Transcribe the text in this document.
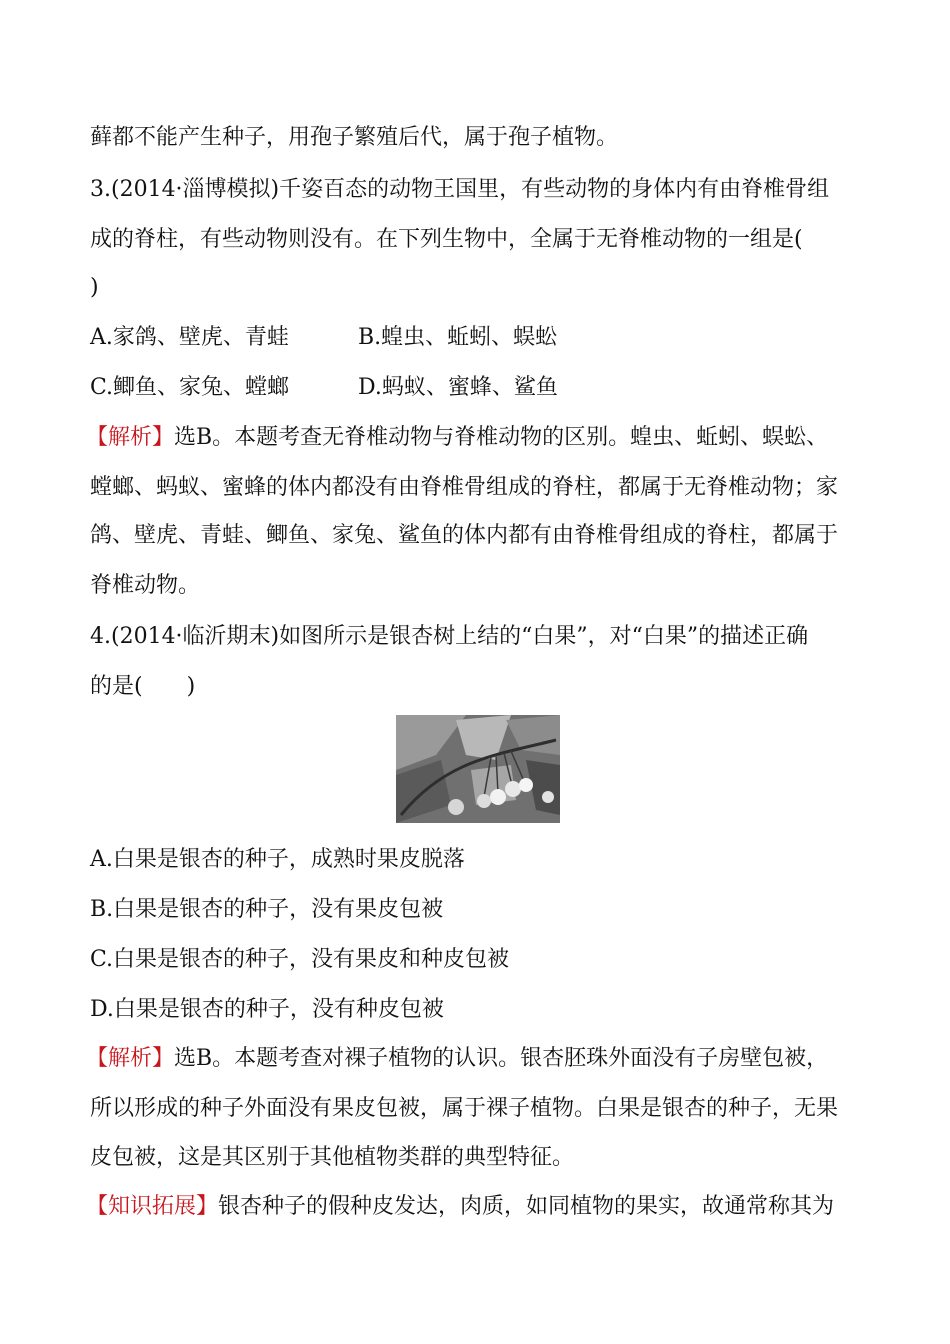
藓都不能产生种子，用孢子繁殖后代，属于孢子植物。
3.(2014·淄博模拟)千姿百态的动物王国里，有些动物的身体内有由脊椎骨组
成的脊柱，有些动物则没有。在下列生物中，全属于无脊椎动物的一组是(
)
A.家鸽、壁虎、青蛙	B.蝗虫、蚯蚓、蜈蚣
C.鲫鱼、家兔、螳螂	D.蚂蚁、蜜蜂、鲨鱼
【解析】选B。本题考查无脊椎动物与脊椎动物的区别。蝗虫、蚯蚓、蜈蚣、
螳螂、蚂蚁、蜜蜂的体内都没有由脊椎骨组成的脊柱，都属于无脊椎动物；家
鸽、壁虎、青蛙、鲫鱼、家兔、鲨鱼的体内都有由脊椎骨组成的脊柱，都属于
脊椎动物。
4.(2014·临沂期末)如图所示是银杏树上结的“白果”，对“白果”的描述正确
的是(　　)
A.白果是银杏的种子，成熟时果皮脱落
B.白果是银杏的种子，没有果皮包被
C.白果是银杏的种子，没有果皮和种皮包被
D.白果是银杏的种子，没有种皮包被
【解析】选B。本题考查对裸子植物的认识。银杏胚珠外面没有子房壁包被，
所以形成的种子外面没有果皮包被，属于裸子植物。白果是银杏的种子，无果
皮包被，这是其区别于其他植物类群的典型特征。
【知识拓展】银杏种子的假种皮发达，肉质，如同植物的果实，故通常称其为
